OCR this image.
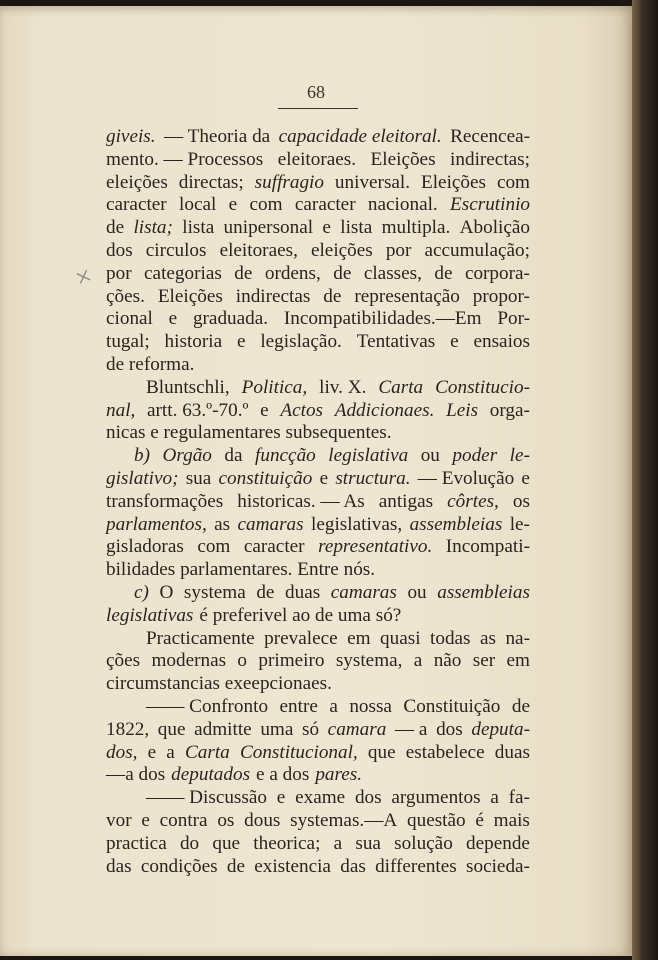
68
×
giveis. — Theoria da capacidade eleitoral. Recencea-
mento. — Processos eleitoraes. Eleições indirectas;
eleições directas; suffragio universal. Eleições com
caracter local e com caracter nacional. Escrutinio
de lista; lista unipersonal e lista multipla. Abolição
dos circulos eleitoraes, eleições por accumulação;
por categorias de ordens, de classes, de corpora-
ções. Eleições indirectas de representação propor-
cional e graduada. Incompatibilidades.—Em Por-
tugal; historia e legislação. Tentativas e ensaios
de reforma.
Bluntschli, Politica, liv. X. Carta Constitucio-
nal, artt. 63.º-70.º e Actos Addicionaes. Leis orga-
nicas e regulamentares subsequentes.
b) Orgão da funcção legislativa ou poder le-
gislativo; sua constituição e structura. — Evolução e
transformações historicas. — As antigas côrtes, os
parlamentos, as camaras legislativas, assembleias le-
gisladoras com caracter representativo. Incompati-
bilidades parlamentares. Entre nós.
c) O systema de duas camaras ou assembleias
legislativas é preferivel ao de uma só?
Practicamente prevalece em quasi todas as na-
ções modernas o primeiro systema, a não ser em
circumstancias exeepcionaes.
—— Confronto entre a nossa Constituição de
1822, que admitte uma só camara — a dos deputa-
dos, e a Carta Constitucional, que estabelece duas
—a dos deputados e a dos pares.
—— Discussão e exame dos argumentos a fa-
vor e contra os dous systemas.—A questão é mais
practica do que theorica; a sua solução depende
das condições de existencia das differentes socieda-
